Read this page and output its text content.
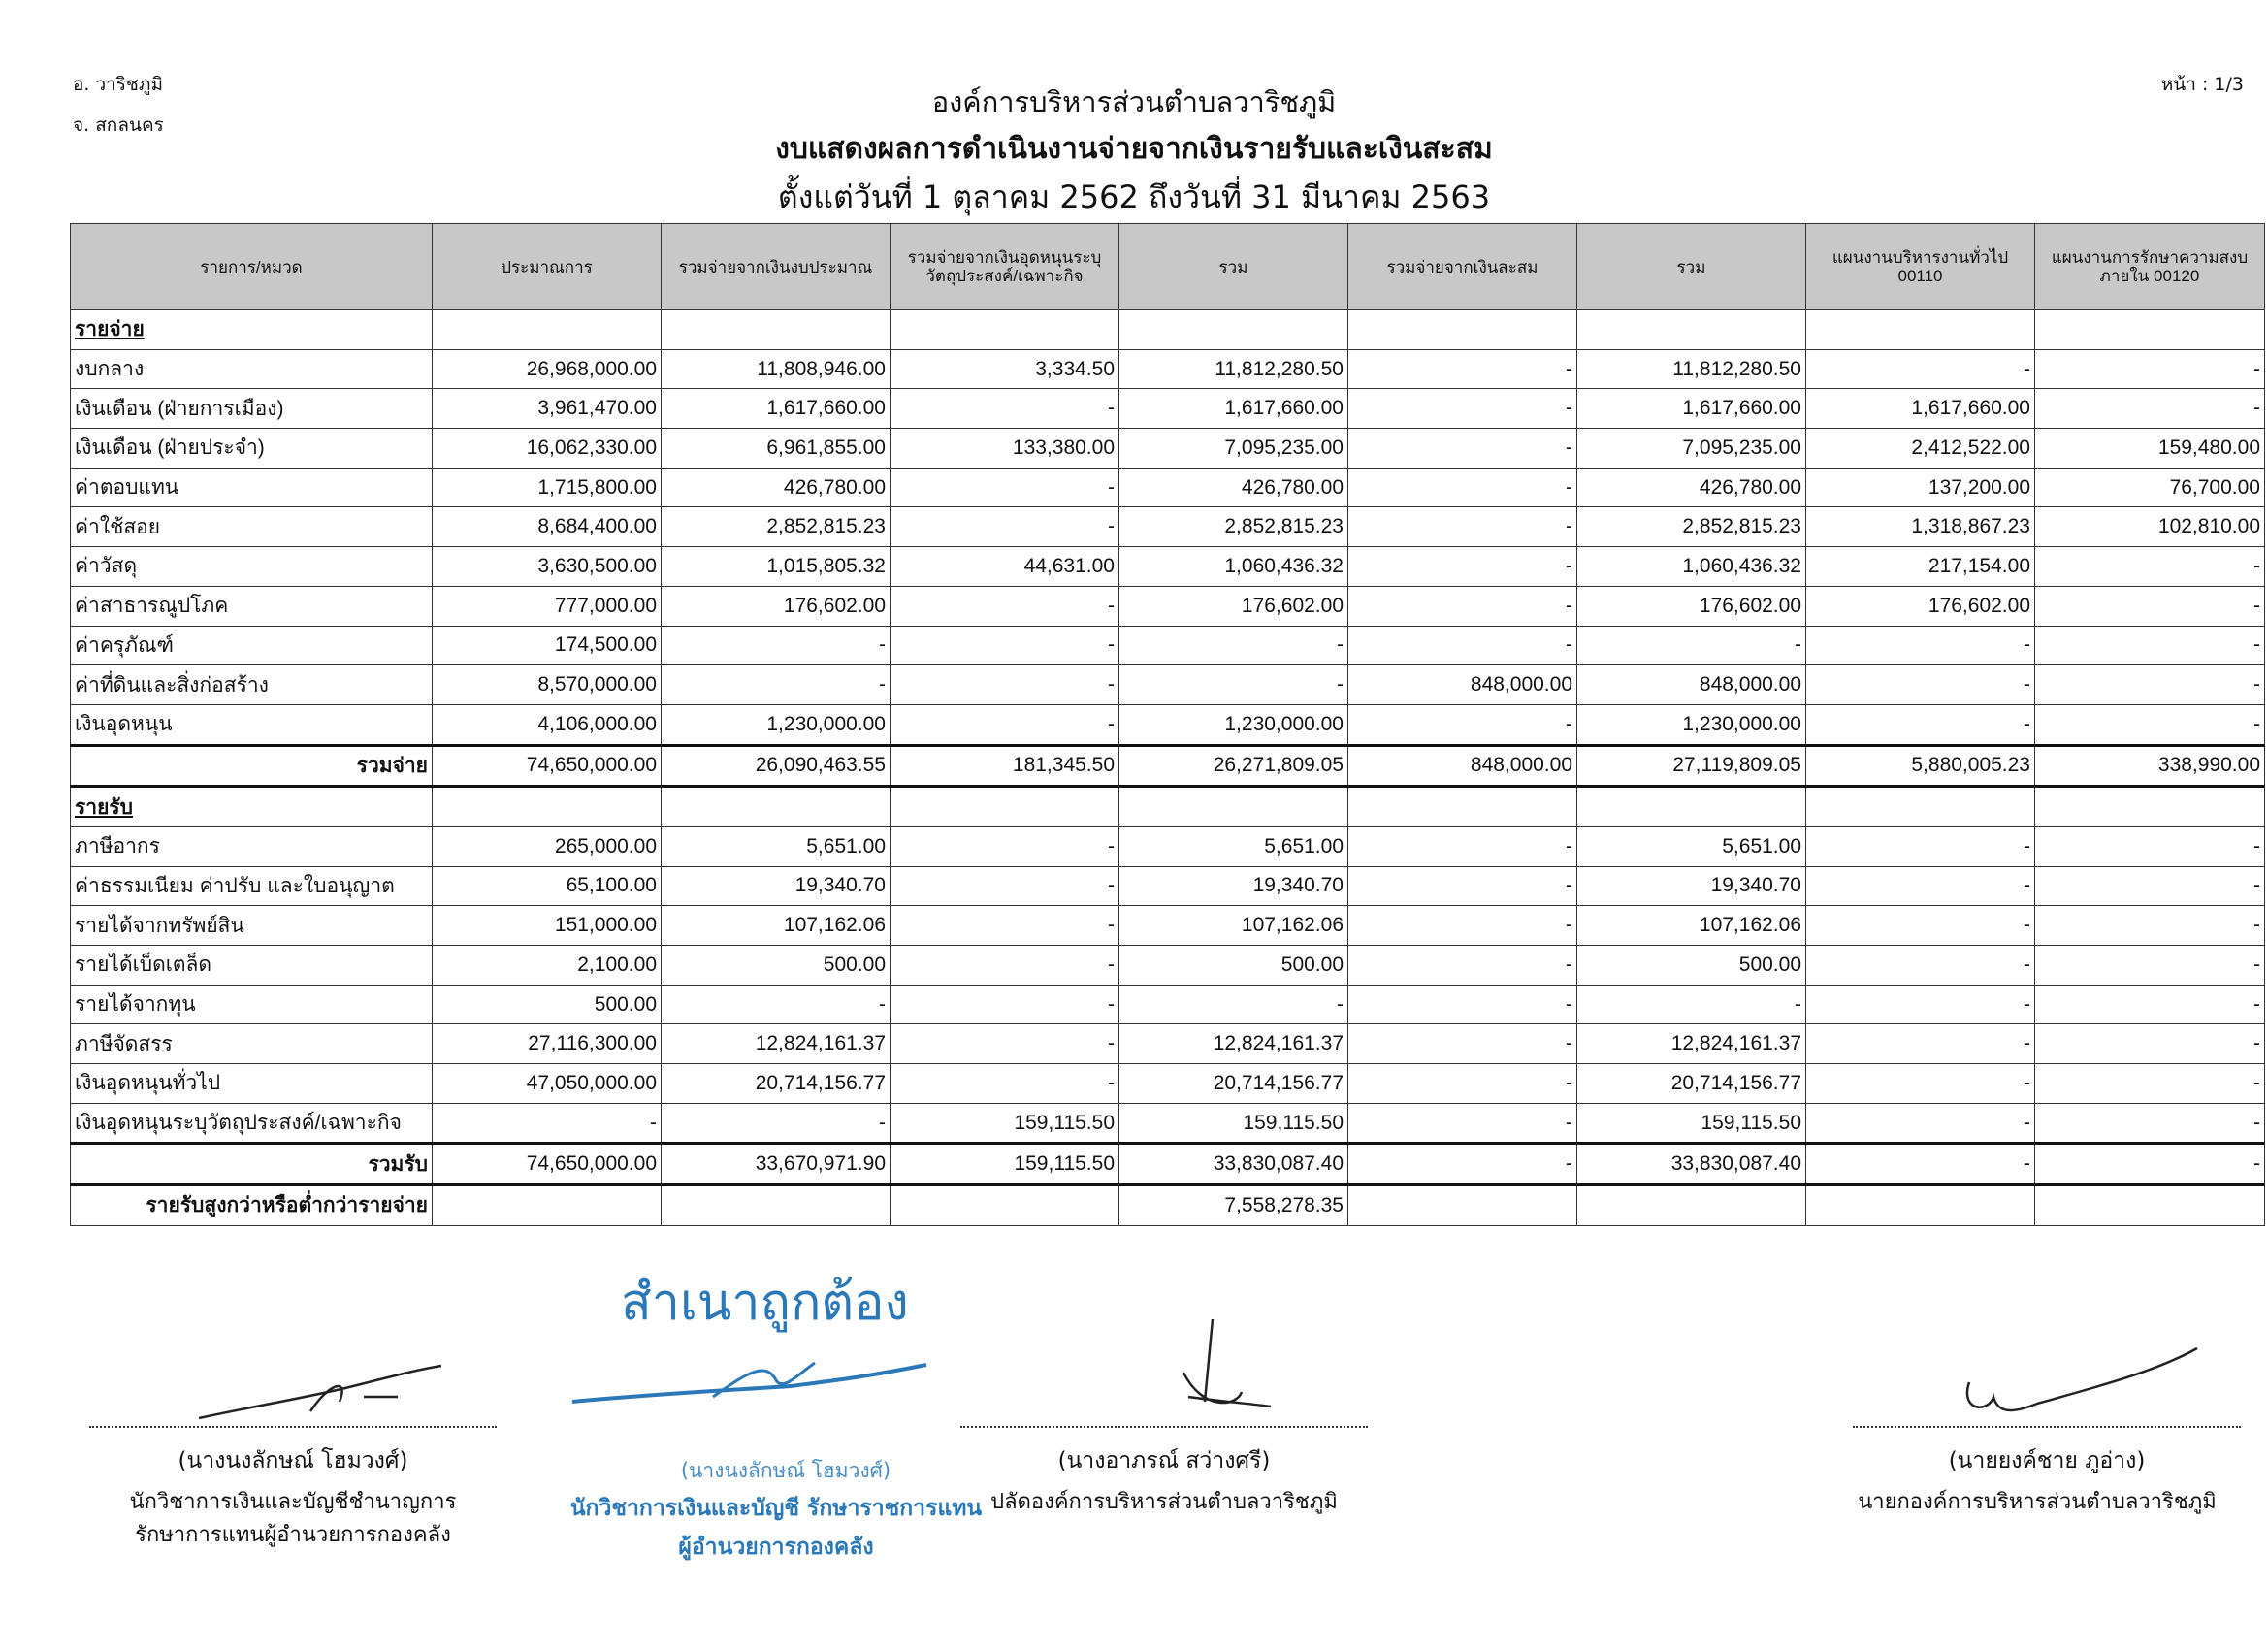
อ. วาริชภูมิ
จ. สกลนคร
หน้า : 1/3
องค์การบริหารส่วนตำบลวาริชภูมิ
งบแสดงผลการดำเนินงานจ่ายจากเงินรายรับและเงินสะสม
ตั้งแต่วันที่ 1 ตุลาคม 2562 ถึงวันที่ 31 มีนาคม 2563
รายการ/หมวด	ประมาณการ	รวมจ่ายจากเงินงบประมาณ	รวมจ่ายจากเงินอุดหนุนระบุวัตถุประสงค์/เฉพาะกิจ	รวม	รวมจ่ายจากเงินสะสม	รวม	แผนงานบริหารงานทั่วไป 00110	แผนงานการรักษาความสงบภายใน 00120
รายจ่าย								
งบกลาง	26,968,000.00	11,808,946.00	3,334.50	11,812,280.50	-	11,812,280.50	-	-
เงินเดือน (ฝ่ายการเมือง)	3,961,470.00	1,617,660.00	-	1,617,660.00	-	1,617,660.00	1,617,660.00	-
เงินเดือน (ฝ่ายประจำ)	16,062,330.00	6,961,855.00	133,380.00	7,095,235.00	-	7,095,235.00	2,412,522.00	159,480.00
ค่าตอบแทน	1,715,800.00	426,780.00	-	426,780.00	-	426,780.00	137,200.00	76,700.00
ค่าใช้สอย	8,684,400.00	2,852,815.23	-	2,852,815.23	-	2,852,815.23	1,318,867.23	102,810.00
ค่าวัสดุ	3,630,500.00	1,015,805.32	44,631.00	1,060,436.32	-	1,060,436.32	217,154.00	-
ค่าสาธารณูปโภค	777,000.00	176,602.00	-	176,602.00	-	176,602.00	176,602.00	-
ค่าครุภัณฑ์	174,500.00	-	-	-	-	-	-	-
ค่าที่ดินและสิ่งก่อสร้าง	8,570,000.00	-	-	-	848,000.00	848,000.00	-	-
เงินอุดหนุน	4,106,000.00	1,230,000.00	-	1,230,000.00	-	1,230,000.00	-	-
รวมจ่าย	74,650,000.00	26,090,463.55	181,345.50	26,271,809.05	848,000.00	27,119,809.05	5,880,005.23	338,990.00
รายรับ								
ภาษีอากร	265,000.00	5,651.00	-	5,651.00	-	5,651.00	-	-
ค่าธรรมเนียม ค่าปรับ และใบอนุญาต	65,100.00	19,340.70	-	19,340.70	-	19,340.70	-	-
รายได้จากทรัพย์สิน	151,000.00	107,162.06	-	107,162.06	-	107,162.06	-	-
รายได้เบ็ดเตล็ด	2,100.00	500.00	-	500.00	-	500.00	-	-
รายได้จากทุน	500.00	-	-	-	-	-	-	-
ภาษีจัดสรร	27,116,300.00	12,824,161.37	-	12,824,161.37	-	12,824,161.37	-	-
เงินอุดหนุนทั่วไป	47,050,000.00	20,714,156.77	-	20,714,156.77	-	20,714,156.77	-	-
เงินอุดหนุนระบุวัตถุประสงค์/เฉพาะกิจ	-	-	159,115.50	159,115.50	-	159,115.50	-	-
รวมรับ	74,650,000.00	33,670,971.90	159,115.50	33,830,087.40	-	33,830,087.40	-	-
รายรับสูงกว่าหรือต่ำกว่ารายจ่าย				7,558,278.35				
สำเนาถูกต้อง
(นางนงลักษณ์ โฮมวงศ์)
นักวิชาการเงินและบัญชี รักษาราชการแทน
ผู้อำนวยการกองคลัง
(นางนงลักษณ์ โฮมวงศ์)
นักวิชาการเงินและบัญชีชำนาญการ
รักษาการแทนผู้อำนวยการกองคลัง
(นางอาภรณ์ สว่างศรี)
ปลัดองค์การบริหารส่วนตำบลวาริชภูมิ
(นายยงค์ชาย ภูอ่าง)
นายกองค์การบริหารส่วนตำบลวาริชภูมิ
